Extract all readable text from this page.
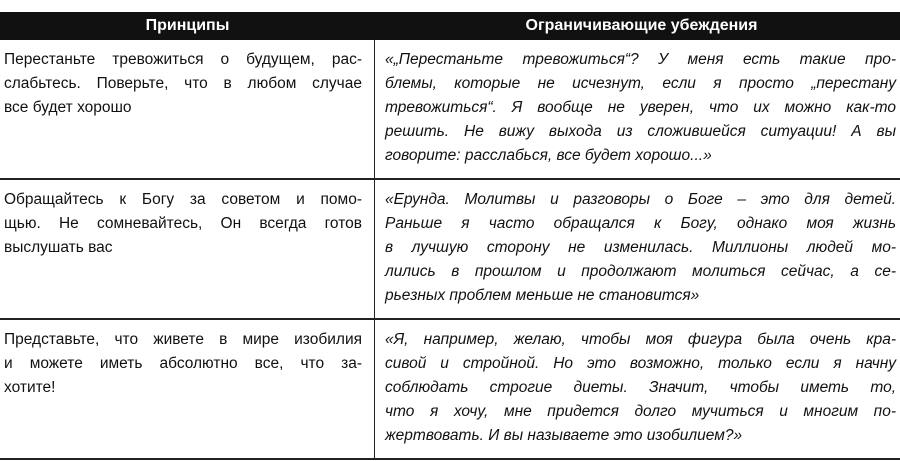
Принципы	Ограничивающие убеждения
Перестаньте тревожиться о будущем, рас-
слабьтесь. Поверьте, что в любом случае
все будет хорошо
«„Перестаньте тревожиться“? У меня есть такие про-
блемы, которые не исчезнут, если я просто „перестану
тревожиться“. Я вообще не уверен, что их можно как-то
решить. Не вижу выхода из сложившейся ситуации! А вы
говорите: расслабься, все будет хорошо...»
Обращайтесь к Богу за советом и помо-
щью. Не сомневайтесь, Он всегда готов
выслушать вас
«Ерунда. Молитвы и разговоры о Боге – это для детей.
Раньше я часто обращался к Богу, однако моя жизнь
в лучшую сторону не изменилась. Миллионы людей мо-
лились в прошлом и продолжают молиться сейчас, а се-
рьезных проблем меньше не становится»
Представьте, что живете в мире изобилия
и можете иметь абсолютно все, что за-
хотите!
«Я, например, желаю, чтобы моя фигура была очень кра-
сивой и стройной. Но это возможно, только если я начну
соблюдать строгие диеты. Значит, чтобы иметь то,
что я хочу, мне придется долго мучиться и многим по-
жертвовать. И вы называете это изобилием?»
